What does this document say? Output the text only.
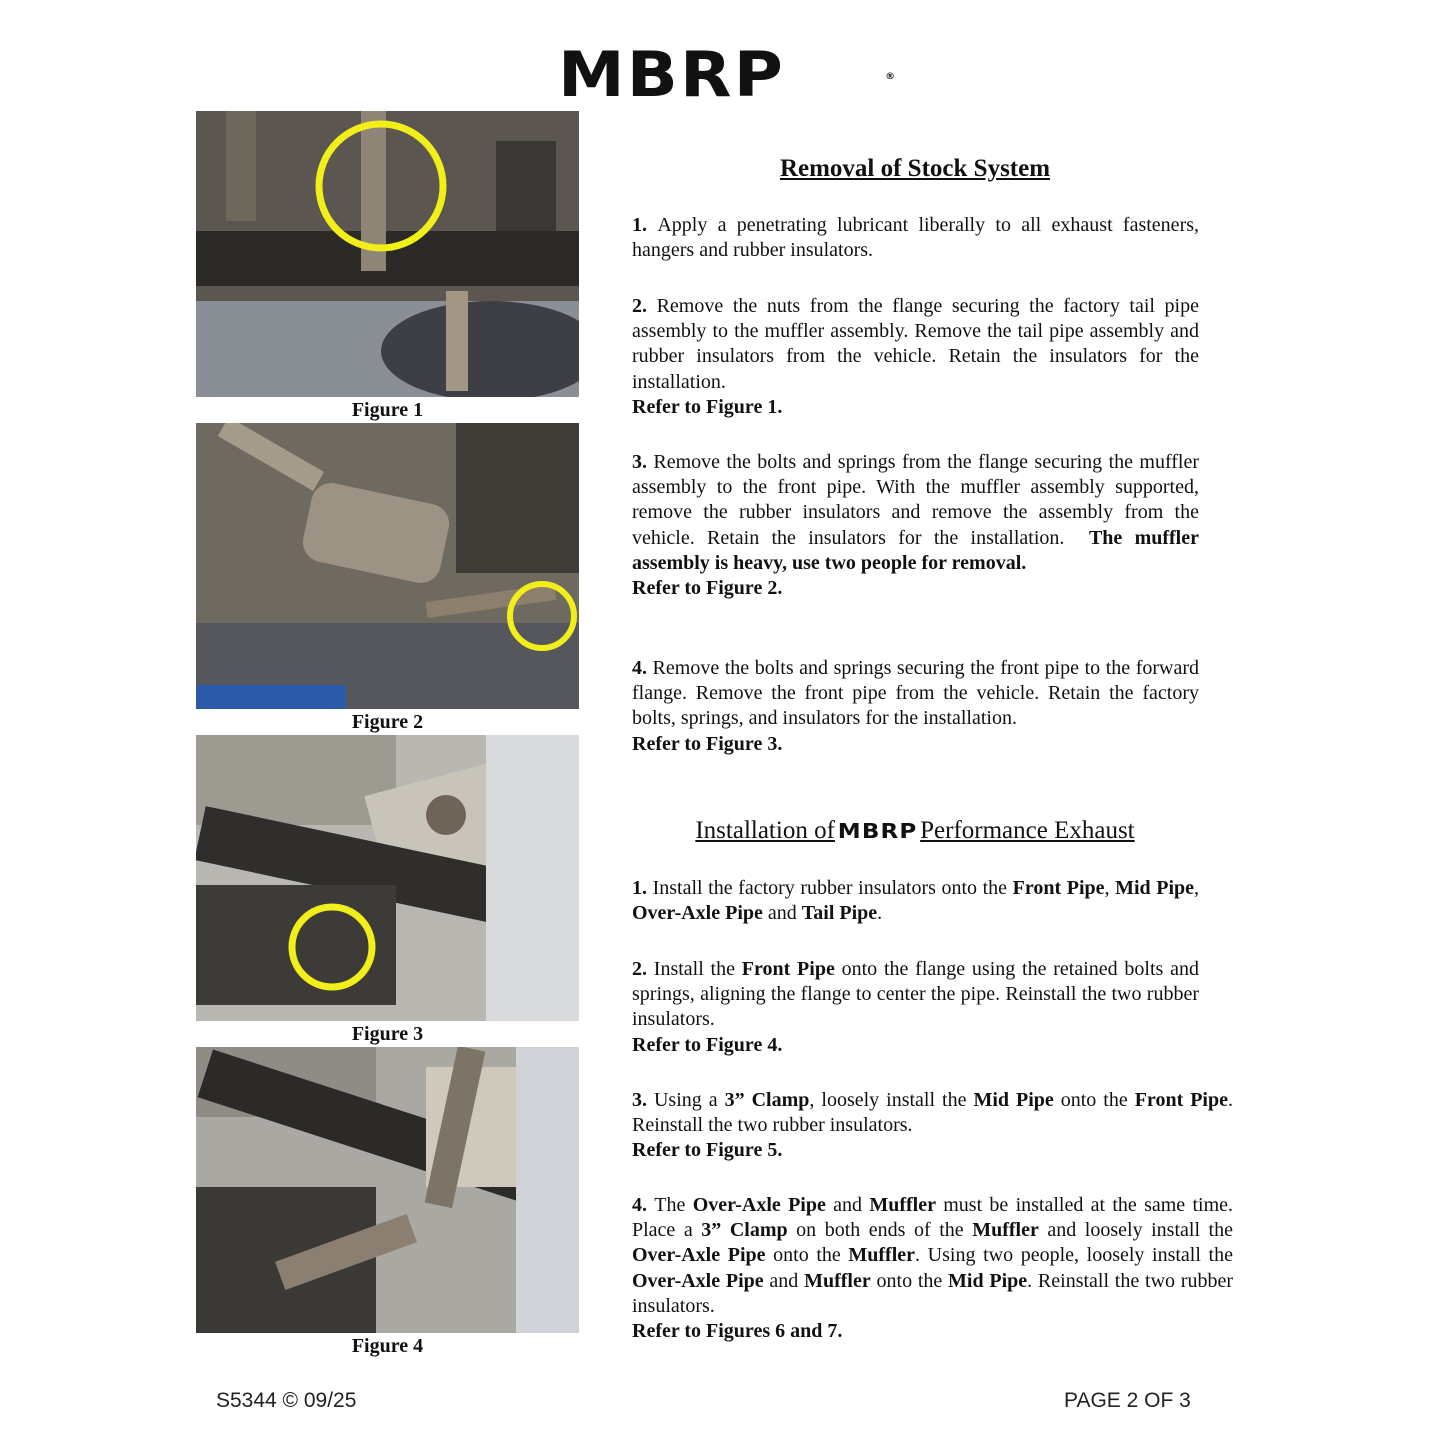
MBRP	®
Figure 1
Figure 2
Figure 3
Figure 4
Removal of Stock System
1. Apply a penetrating lubricant liberally to all exhaust fasteners, hangers and rubber insulators.
2. Remove the nuts from the flange securing the factory tail pipe assembly to the muffler assembly. Remove the tail pipe assembly and rubber insulators from the vehicle. Retain the insulators for the installation.
Refer to Figure 1.
3. Remove the bolts and springs from the flange securing the muffler assembly to the front pipe. With the muffler assembly supported, remove the rubber insulators and remove the assembly from the vehicle. Retain the insulators for the installation. The muffler assembly is heavy, use two people for removal.
Refer to Figure 2.
4. Remove the bolts and springs securing the front pipe to the forward flange. Remove the front pipe from the vehicle. Retain the factory bolts, springs, and insulators for the installation.
Refer to Figure 3.
Installation of MBRP Performance Exhaust
1. Install the factory rubber insulators onto the Front Pipe, Mid Pipe, Over-Axle Pipe and Tail Pipe.
2. Install the Front Pipe onto the flange using the retained bolts and springs, aligning the flange to center the pipe. Reinstall the two rubber insulators.
Refer to Figure 4.
3. Using a 3” Clamp, loosely install the Mid Pipe onto the Front Pipe. Reinstall the two rubber insulators.
Refer to Figure 5.
4. The Over-Axle Pipe and Muffler must be installed at the same time. Place a 3” Clamp on both ends of the Muffler and loosely install the Over-Axle Pipe onto the Muffler. Using two people, loosely install the Over-Axle Pipe and Muffler onto the Mid Pipe. Reinstall the two rubber insulators.
Refer to Figures 6 and 7.
S5344 © 09/25	PAGE 2 OF 3
